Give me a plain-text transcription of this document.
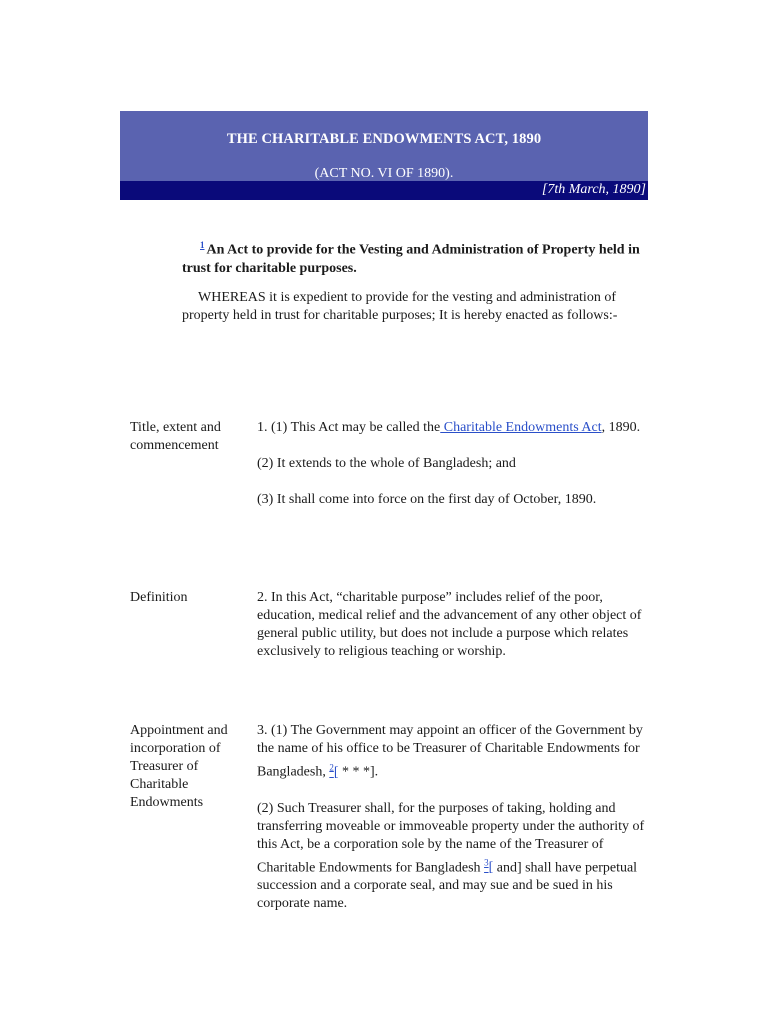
THE CHARITABLE ENDOWMENTS ACT, 1890
(ACT NO. VI OF 1890).
[7th March, 1890]
$^1$ An Act to provide for the Vesting and Administration of Property held in trust for charitable purposes.
WHEREAS it is expedient to provide for the vesting and administration of property held in trust for charitable purposes; It is hereby enacted as follows:-
Title, extent and commencement

1. (1) This Act may be called the Charitable Endowments Act, 1890.

(2) It extends to the whole of Bangladesh; and

(3) It shall come into force on the first day of October, 1890.

Definition	2. In this Act, “charitable purpose” includes relief of the poor, education, medical relief and the advancement of any other object of general public utility, but does not include a purpose which relates exclusively to religious teaching or worship.

Appointment and incorporation of Treasurer of Charitable Endowments

3. (1) The Government may appoint an officer of the Government by the name of his office to be Treasurer of Charitable Endowments for Bangladesh, $^2$[ * * *].

(2) Such Treasurer shall, for the purposes of taking, holding and transferring moveable or immoveable property under the authority of this Act, be a corporation sole by the name of the Treasurer of Charitable Endowments for Bangladesh $^3$[ and] shall have perpetual succession and a corporate seal, and may sue and be sued in his corporate name.
